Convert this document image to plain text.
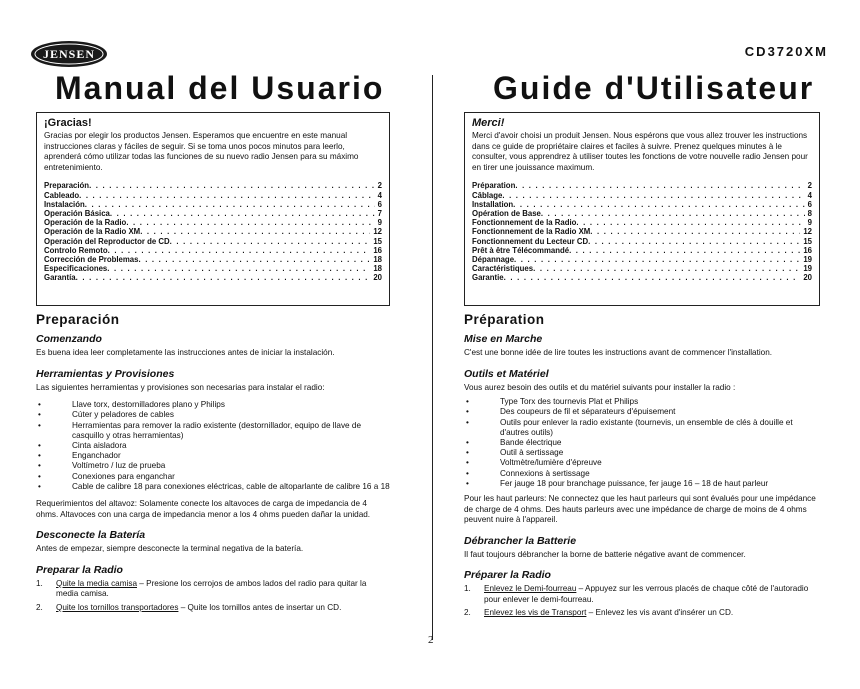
JENSEN	CD3720XM
Manual del Usuario	Guide d'Utilisateur
¡Gracias!
Gracias por elegir los productos Jensen. Esperamos que encuentre en este manual instrucciones claras y fáciles de seguir. Si se toma unos pocos minutos para leerlo, aprenderá cómo utilizar todas las funciones de su nuevo radio Jensen para su máximo entretenimiento.
Preparación . . .	2
Cableado . . .	4
Instalación . . .	6
Operación Básica . . .	7
Operación de la Radio . . .	9
Operación de la Radio XM . . .	12
Operación del Reproductor de CD . . .	15
Controlo Remoto . . .	16
Corrección de Problemas . . .	18
Especificaciones . . .	18
Garantía . . .	20
Preparación
Comenzando
Es buena idea leer completamente las instrucciones antes de iniciar la instalación.
Herramientas y Provisiones
Las siguientes herramientas y provisiones son necesarias para instalar el radio:
• Llave torx, destornilladores plano y Philips
• Cúter y peladores de cables
• Herramientas para remover la radio existente (destornillador, equipo de llave de casquillo y otras herramientas)
• Cinta aisladora
• Enganchador
• Voltímetro / luz de prueba
• Conexiones para enganchar
• Cable de calibre 18 para conexiones eléctricas, cable de altoparlante de calibre 16 a 18
Requerimientos del altavoz: Solamente conecte los altavoces de carga de impedancia de 4 ohms. Altavoces con una carga de impedancia menor a los 4 ohms pueden dañar la unidad.
Desconecte la Batería
Antes de empezar, siempre desconecte la terminal negativa de la batería.
Preparar la Radio
1. Quite la media camisa – Presione los cerrojos de ambos lados del radio para quitar la media camisa.
2. Quite los tornillos transportadores – Quite los tornillos antes de insertar un CD.
Merci!
Merci d'avoir choisi un produit Jensen. Nous espérons que vous allez trouver les instructions dans ce guide de propriétaire claires et faciles à suivre. Prenez quelques minutes à le consulter, vous apprendrez à utiliser toutes les fonctions de votre nouvelle radio Jensen pour en tirer une jouissance maximum.
Préparation . . .	2
Câblage . . .	4
Installation . . .	6
Opération de Base . . .	8
Fonctionnement de la Radio . . .	9
Fonctionnement de la Radio XM . . .	12
Fonctionnement du Lecteur CD . . .	15
Prêt à être Télécommandé . . .	16
Dépannage . . .	19
Caractéristiques . . .	19
Garantie . . .	20
Préparation
Mise en Marche
C'est une bonne idée de lire toutes les instructions avant de commencer l'installation.
Outils et Matériel
Vous aurez besoin des outils et du matériel suivants pour installer la radio :
• Type Torx des tournevis Plat et Philips
• Des coupeurs de fil et séparateurs d'épuisement
• Outils pour enlever la radio existante (tournevis, un ensemble de clés à douille et d'autres outils)
• Bande électrique
• Outil à sertissage
• Voltmètre/lumière d'épreuve
• Connexions à sertissage
• Fer jauge 18 pour branchage puissance, fer jauge 16 – 18 de haut parleur
Pour les haut parleurs: Ne connectez que les haut parleurs qui sont évalués pour une impédance de charge de 4 ohms. Des hauts parleurs avec une impédance de charge de moins de 4 ohms peuvent nuire à l'appareil.
Débrancher la Batterie
Il faut toujours débrancher la borne de batterie négative avant de commencer.
Préparer la Radio
1. Enlevez le Demi-fourreau – Appuyez sur les verrous placés de chaque côté de l'autoradio pour enlever le demi-fourreau.
2. Enlevez les vis de Transport – Enlevez les vis avant d'insérer un CD.
2
